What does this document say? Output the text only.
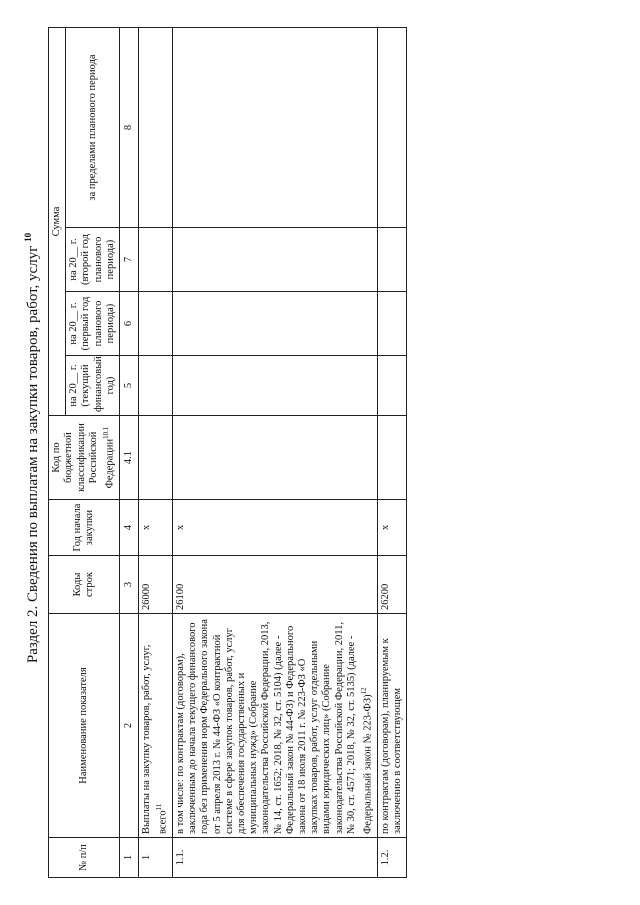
Раздел 2. Сведения по выплатам на закупки товаров, работ, услуг $^{10}$
№ п/п	Наименование показателя	Коды строк	Год начала закупки	Код по бюджетной классификации Российской Федерации$^{10.1}$	Сумма			
					на 20__ г. (текущий финансовый год)	на 20__ г. (первый год планового периода)	на 20__ г. (второй год планового периода)	за пределами планового периода
1	2	3	4	4.1	5	6	7	8
1	Выплаты на закупку товаров, работ, услуг, всего$^{11}$	26000	x					
1.1.	в том числе: по контрактам (договорам), заключенным до начала текущего финансового года без применения норм Федерального закона от 5 апреля 2013 г. № 44-ФЗ «О контрактной системе в сфере закупок товаров, работ, услуг для обеспечения государственных и муниципальных нужд» (Собрание законодательства Российской Федерации, 2013, № 14, ст. 1652; 2018, № 32, ст. 5104) (далее - Федеральный закон № 44-ФЗ) и Федерального закона от 18 июля 2011 г. № 223-ФЗ «О закупках товаров, работ, услуг отдельными видами юридических лиц» (Собрание законодательства Российской Федерации, 2011, № 30, ст. 4571; 2018, № 32, ст. 5135) (далее - Федеральный закон № 223-ФЗ)$^{12}$	26100	x					
1.2.	по контрактам (договорам), планируемым к заключению в соответствующем	26200	x					
